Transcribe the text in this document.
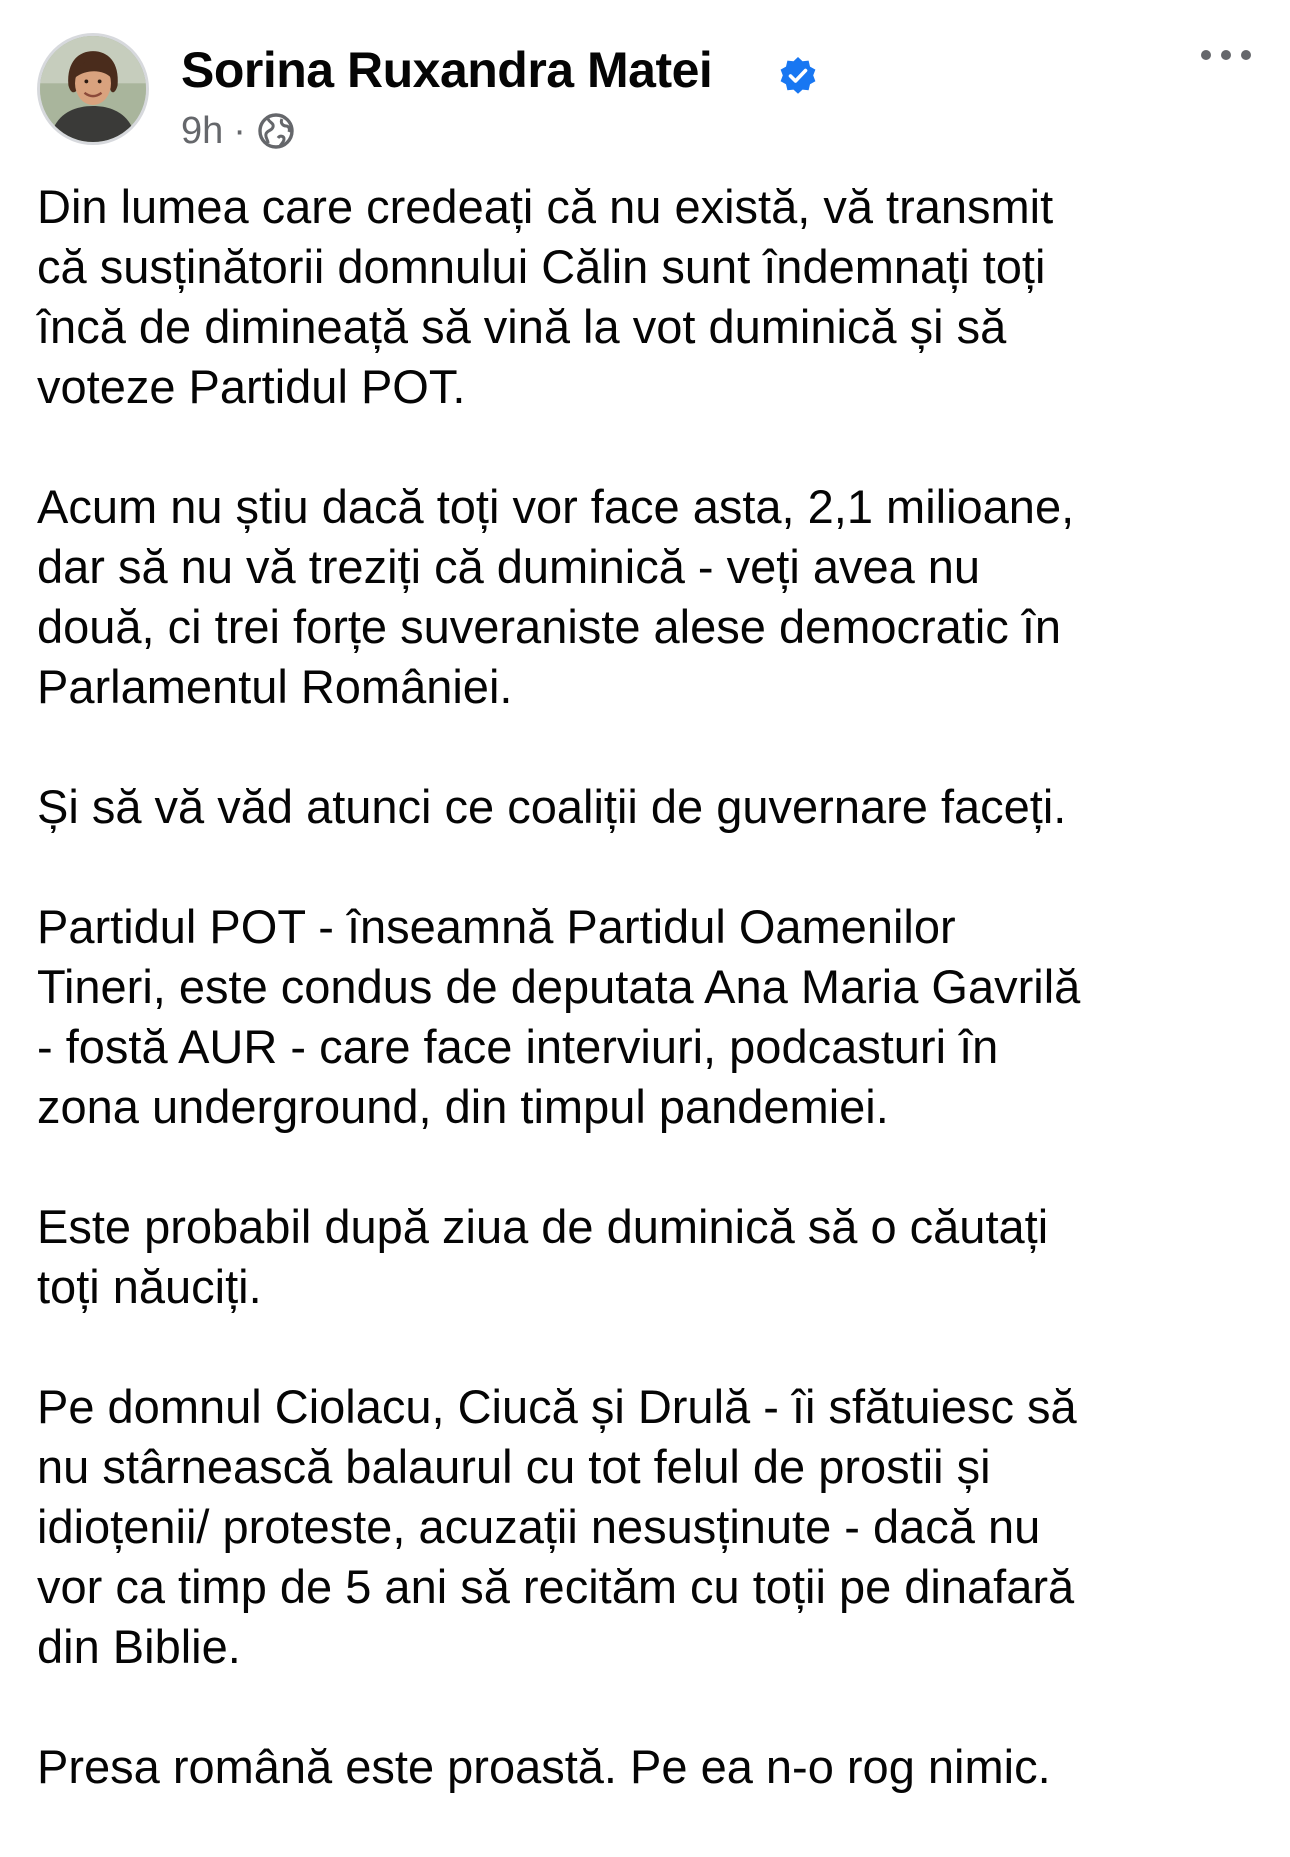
Sorina Ruxandra Matei
9h ·

Din lumea care credeați că nu există, vă transmit
că susținătorii domnului Călin sunt îndemnați toți
încă de dimineață să vină la vot duminică și să
voteze Partidul POT.

Acum nu știu dacă toți vor face asta, 2,1 milioane,
dar să nu vă treziți că duminică - veți avea nu
două, ci trei forțe suveraniste alese democratic în
Parlamentul României.

Și să vă văd atunci ce coaliții de guvernare faceți.

Partidul POT - înseamnă Partidul Oamenilor
Tineri, este condus de deputata Ana Maria Gavrilă
- fostă AUR - care face interviuri, podcasturi în
zona underground, din timpul pandemiei.

Este probabil după ziua de duminică să o căutați
toți năuciți.

Pe domnul Ciolacu, Ciucă și Drulă - îi sfătuiesc să
nu stârnească balaurul cu tot felul de prostii și
idioțenii/ proteste, acuzații nesusținute - dacă nu
vor ca timp de 5 ani să recităm cu toții pe dinafară
din Biblie.

Presa română este proastă. Pe ea n-o rog nimic.
